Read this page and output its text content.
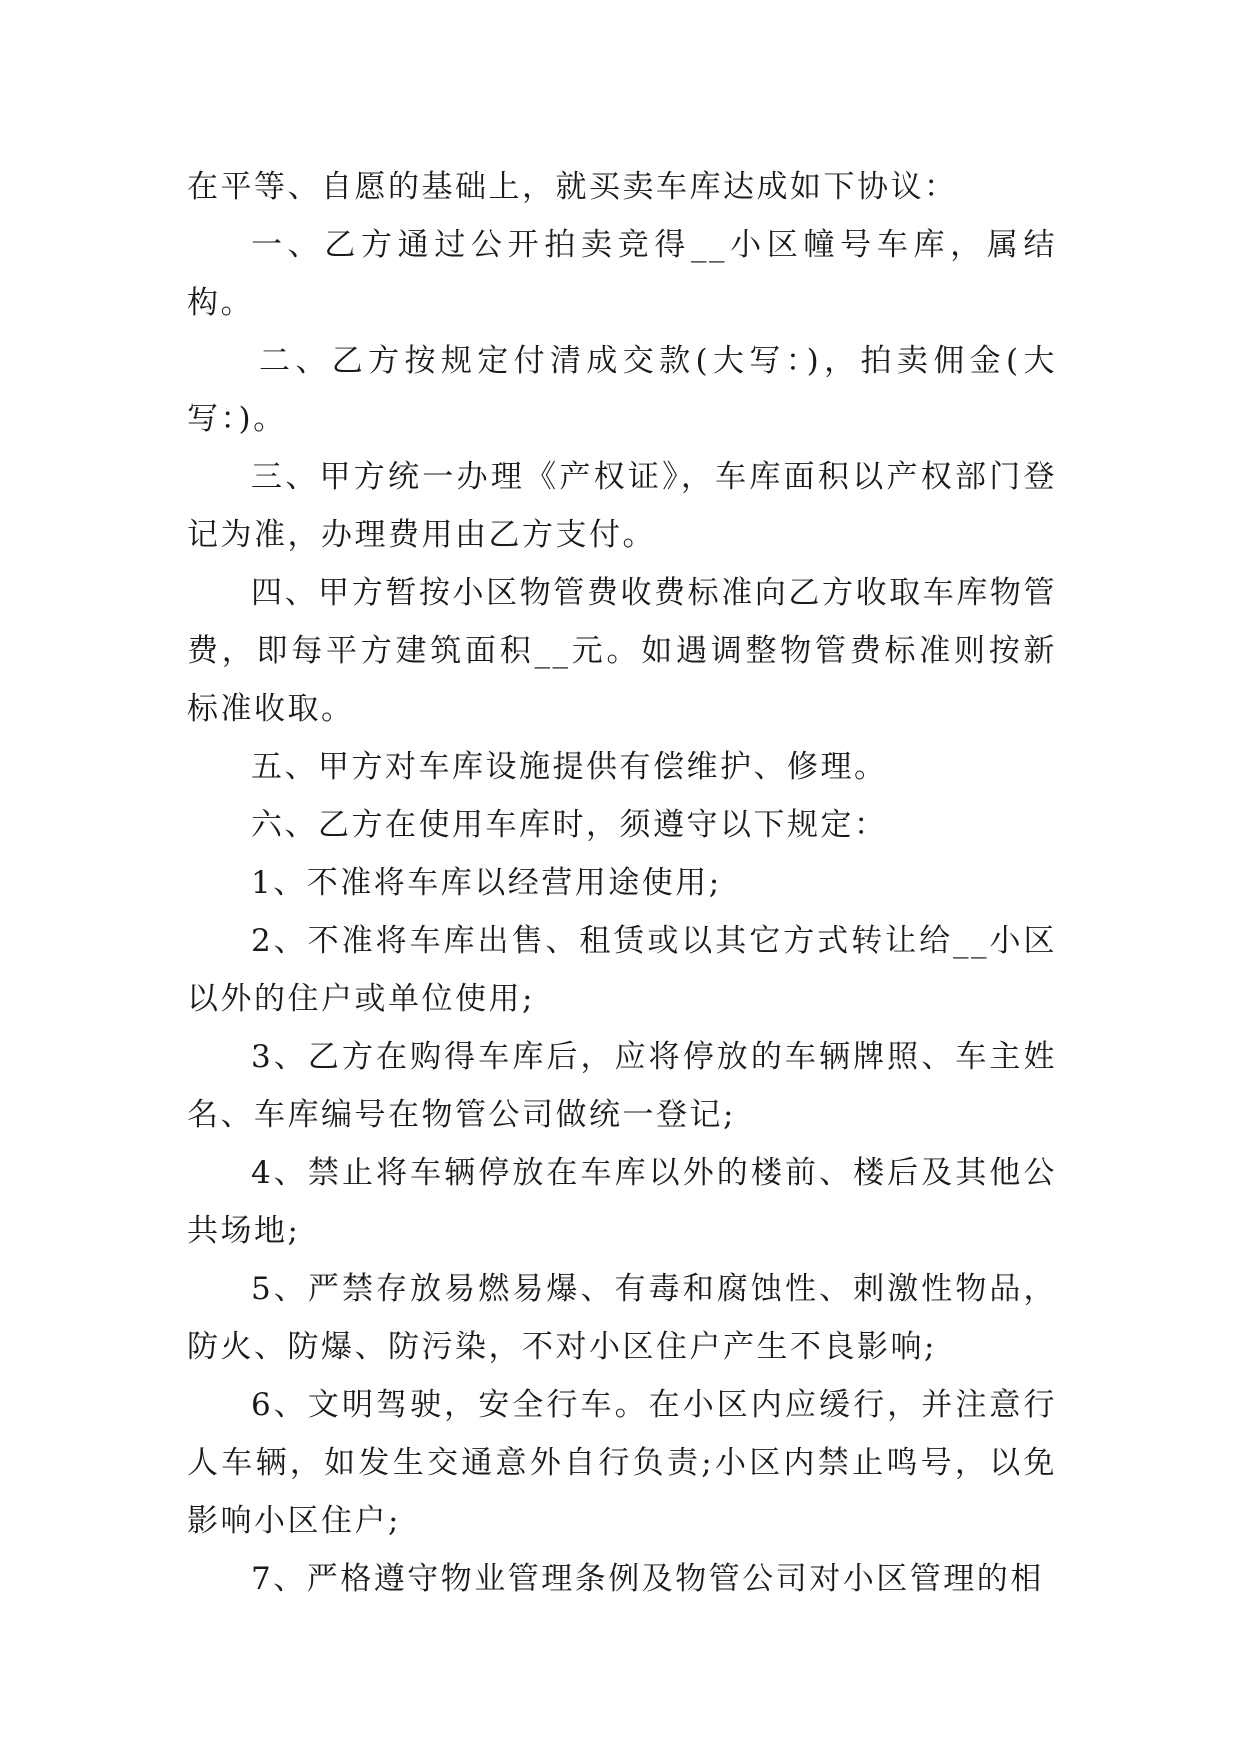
在平等、自愿的基础上，就买卖车库达成如下协议：

一、乙方通过公开拍卖竞得__小区幢号车库，属结构。

二、乙方按规定付清成交款(大写：)，拍卖佣金(大写：)。

三、甲方统一办理《产权证》，车库面积以产权部门登记为准，办理费用由乙方支付。

四、甲方暂按小区物管费收费标准向乙方收取车库物管费，即每平方建筑面积__元。如遇调整物管费标准则按新标准收取。

五、甲方对车库设施提供有偿维护、修理。

六、乙方在使用车库时，须遵守以下规定：

1、不准将车库以经营用途使用;

2、不准将车库出售、租赁或以其它方式转让给__小区以外的住户或单位使用;

3、乙方在购得车库后，应将停放的车辆牌照、车主姓名、车库编号在物管公司做统一登记;

4、禁止将车辆停放在车库以外的楼前、楼后及其他公共场地;

5、严禁存放易燃易爆、有毒和腐蚀性、刺激性物品，防火、防爆、防污染，不对小区住户产生不良影响;

6、文明驾驶，安全行车。在小区内应缓行，并注意行人车辆，如发生交通意外自行负责;小区内禁止鸣号，以免影响小区住户;

7、严格遵守物业管理条例及物管公司对小区管理的相
